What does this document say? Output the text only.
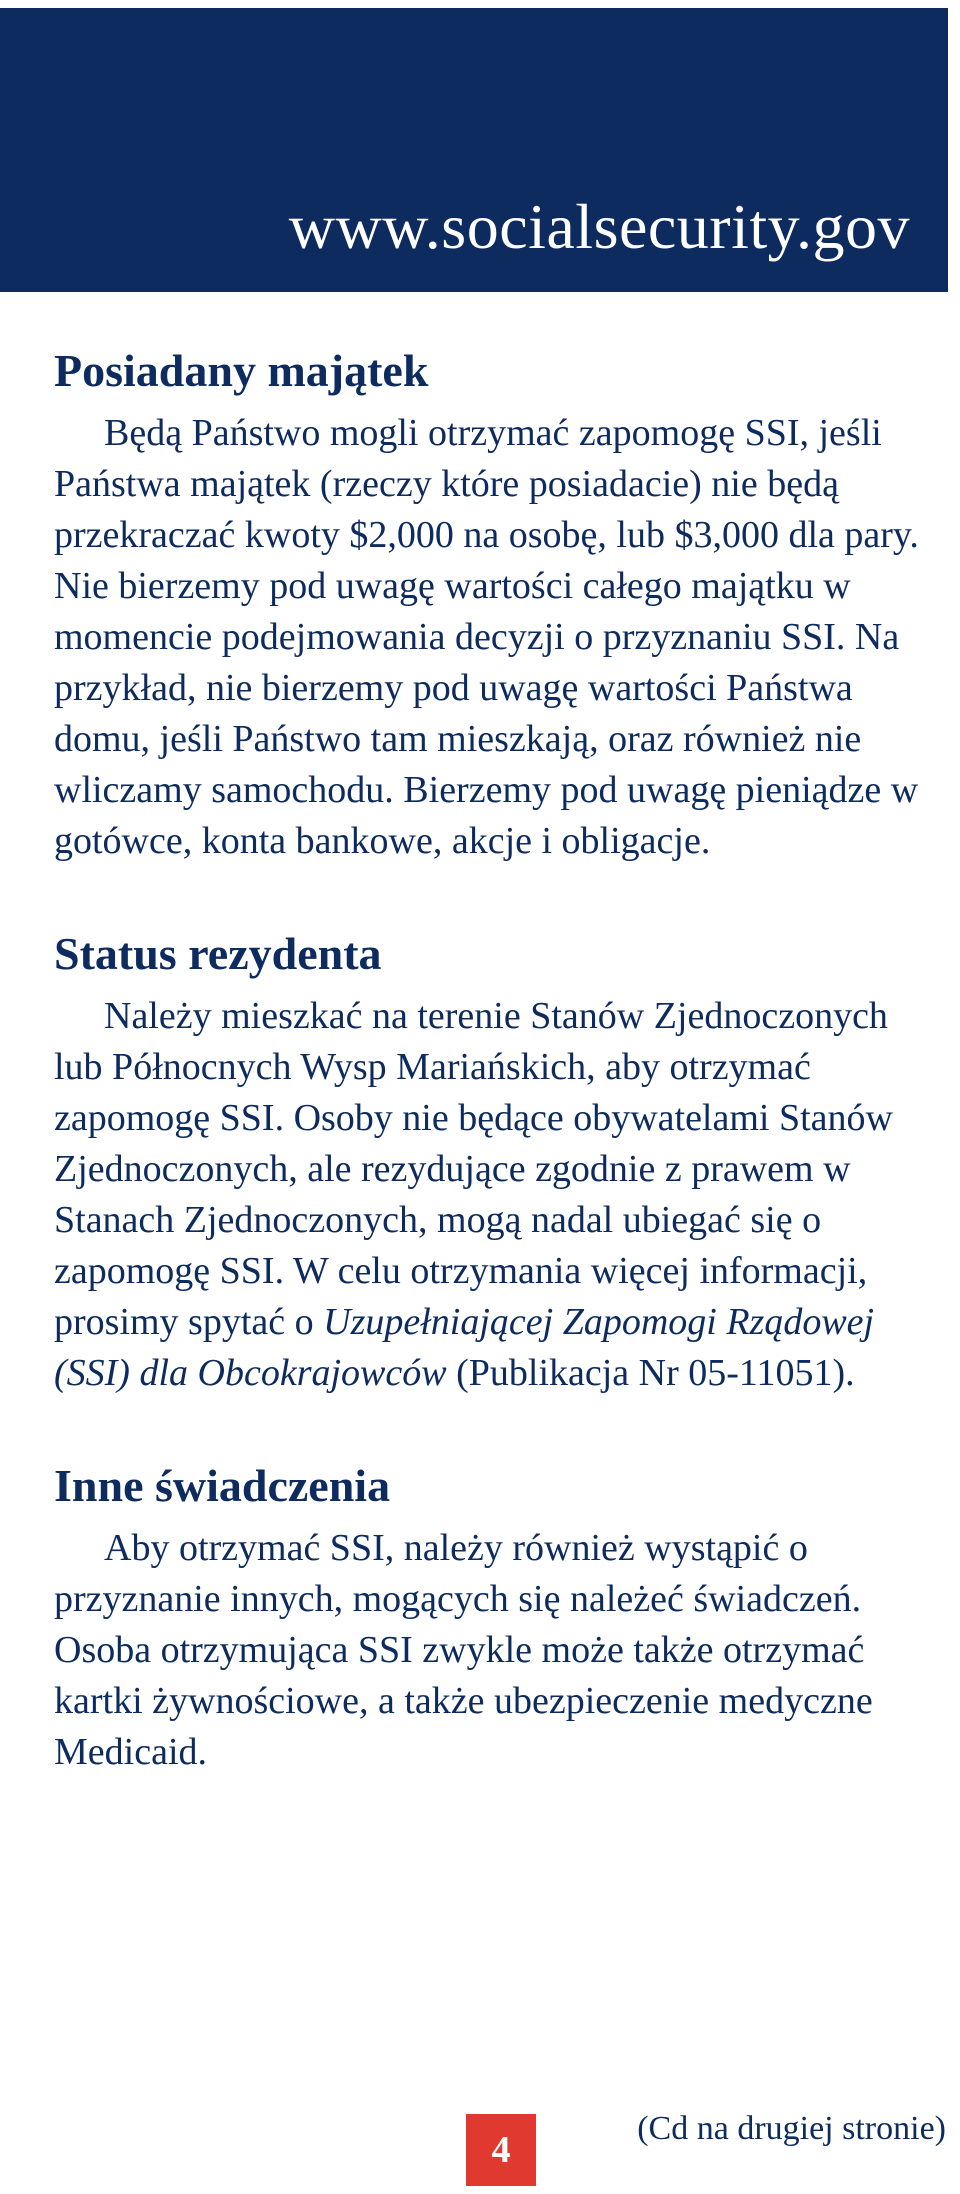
www.socialsecurity.gov
Posiadany majątek

Będą Państwo mogli otrzymać zapomogę SSI, jeśli Państwa majątek (rzeczy które posiadacie) nie będą przekraczać kwoty $2,000 na osobę, lub $3,000 dla pary. Nie bierzemy pod uwagę wartości całego majątku w momencie podejmowania decyzji o przyznaniu SSI. Na przykład, nie bierzemy pod uwagę wartości Państwa domu, jeśli Państwo tam mieszkają, oraz również nie wliczamy samochodu. Bierzemy pod uwagę pieniądze w gotówce, konta bankowe, akcje i obligacje.

Status rezydenta

Należy mieszkać na terenie Stanów Zjednoczonych lub Północnych Wysp Mariańskich, aby otrzymać zapomogę SSI. Osoby nie będące obywatelami Stanów Zjednoczonych, ale rezydujące zgodnie z prawem w Stanach Zjednoczonych, mogą nadal ubiegać się o zapomogę SSI. W celu otrzymania więcej informacji, prosimy spytać o Uzupełniającej Zapomogi Rządowej (SSI) dla Obcokrajowców (Publikacja Nr 05-11051).

Inne świadczenia

Aby otrzymać SSI, należy również wystąpić o przyznanie innych, mogących się należeć świadczeń. Osoba otrzymująca SSI zwykle może także otrzymać kartki żywnościowe, a także ubezpieczenie medyczne Medicaid.

4
(Cd na drugiej stronie)
